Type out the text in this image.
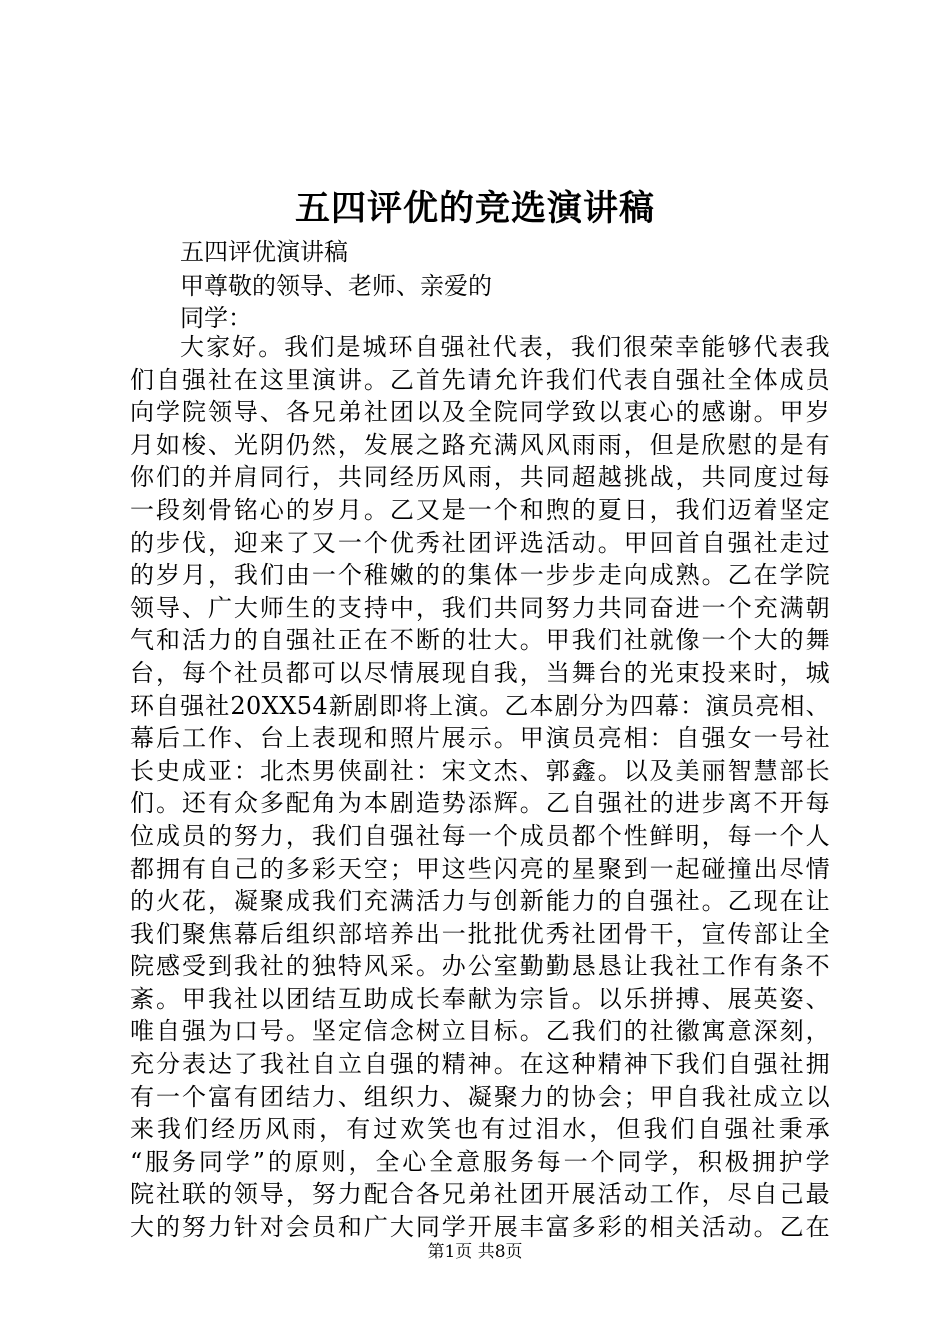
五四评优的竞选演讲稿
五四评优演讲稿
甲尊敬的领导、老师、亲爱的
同学：
大家好。我们是城环自强社代表，我们很荣幸能够代表我
们自强社在这里演讲。乙首先请允许我们代表自强社全体成员
向学院领导、各兄弟社团以及全院同学致以衷心的感谢。甲岁
月如梭、光阴仍然，发展之路充满风风雨雨，但是欣慰的是有
你们的并肩同行，共同经历风雨，共同超越挑战，共同度过每
一段刻骨铭心的岁月。乙又是一个和煦的夏日，我们迈着坚定
的步伐，迎来了又一个优秀社团评选活动。甲回首自强社走过
的岁月，我们由一个稚嫩的的集体一步步走向成熟。乙在学院
领导、广大师生的支持中，我们共同努力共同奋进一个充满朝
气和活力的自强社正在不断的壮大。甲我们社就像一个大的舞
台，每个社员都可以尽情展现自我，当舞台的光束投来时，城
环自强社20XX54新剧即将上演。乙本剧分为四幕：演员亮相、
幕后工作、台上表现和照片展示。甲演员亮相：自强女一号社
长史成亚：北杰男侠副社：宋文杰、郭鑫。以及美丽智慧部长
们。还有众多配角为本剧造势添辉。乙自强社的进步离不开每
位成员的努力，我们自强社每一个成员都个性鲜明，每一个人
都拥有自己的多彩天空；甲这些闪亮的星聚到一起碰撞出尽情
的火花，凝聚成我们充满活力与创新能力的自强社。乙现在让
我们聚焦幕后组织部培养出一批批优秀社团骨干，宣传部让全
院感受到我社的独特风采。办公室勤勤恳恳让我社工作有条不
紊。甲我社以团结互助成长奉献为宗旨。以乐拼搏、展英姿、
唯自强为口号。坚定信念树立目标。乙我们的社徽寓意深刻，
充分表达了我社自立自强的精神。在这种精神下我们自强社拥
有一个富有团结力、组织力、凝聚力的协会；甲自我社成立以
来我们经历风雨，有过欢笑也有过泪水，但我们自强社秉承
“服务同学”的原则，全心全意服务每一个同学，积极拥护学
院社联的领导，努力配合各兄弟社团开展活动工作，尽自己最
大的努力针对会员和广大同学开展丰富多彩的相关活动。乙在
第1页 共8页
